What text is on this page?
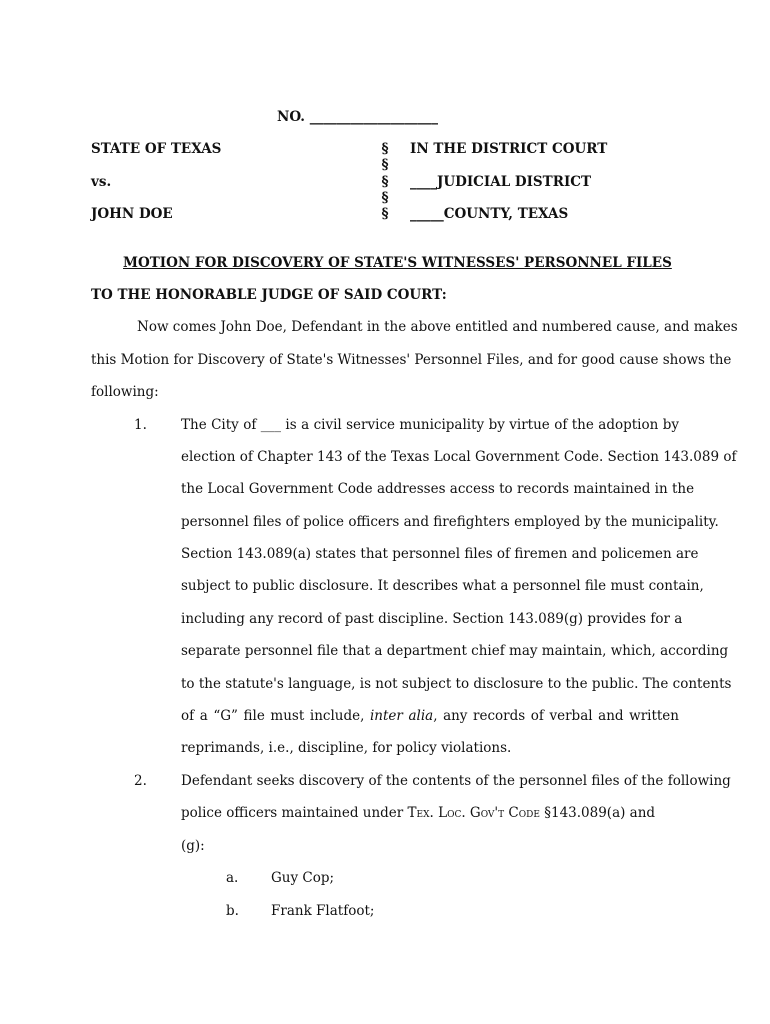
NO. ___________________
STATE OF TEXAS
vs.
JOHN DOE
§
§
§
§
§
IN THE DISTRICT COURT
____JUDICIAL DISTRICT
_____COUNTY, TEXAS
MOTION FOR DISCOVERY OF STATE'S WITNESSES' PERSONNEL FILES
TO THE HONORABLE JUDGE OF SAID COURT:
Now comes John Doe, Defendant in the above entitled and numbered cause, and makes
this Motion for Discovery of State's Witnesses' Personnel Files, and for good cause shows the
following:
1.	The City of ___ is a civil service municipality by virtue of the adoption by
election of Chapter 143 of the Texas Local Government Code. Section 143.089 of
the Local Government Code addresses access to records maintained in the
personnel files of police officers and firefighters employed by the municipality.
Section 143.089(a) states that personnel files of firemen and policemen are
subject to public disclosure. It describes what a personnel file must contain,
including any record of past discipline. Section 143.089(g) provides for a
separate personnel file that a department chief may maintain, which, according
to the statute's language, is not subject to disclosure to the public. The contents
of a “G” file must include, inter alia, any records of verbal and written
reprimands, i.e., discipline, for policy violations.
2.	Defendant seeks discovery of the contents of the personnel files of the following
police officers maintained under Tex. Loc. Gov't Code §143.089(a) and
(g):
a. Guy Cop;
b. Frank Flatfoot;
